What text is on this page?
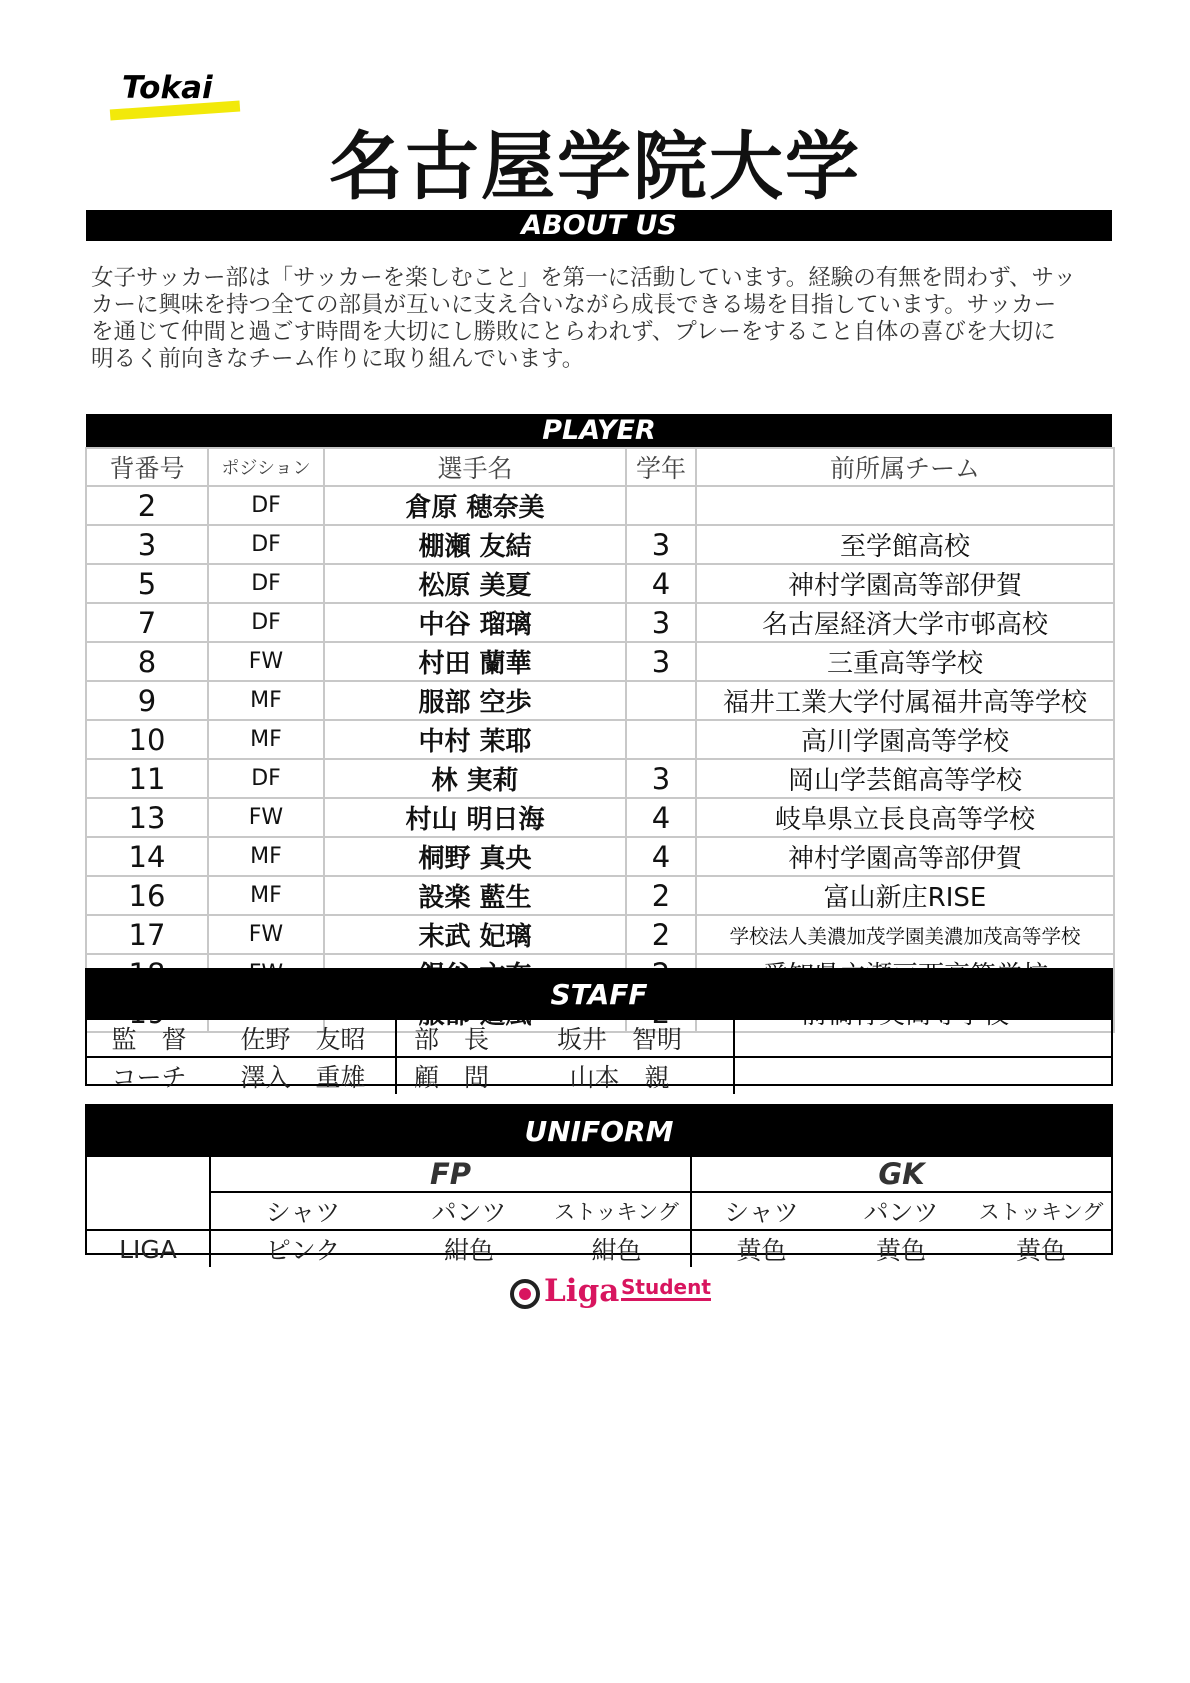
Tokai
名古屋学院大学
ABOUT US
女子サッカー部は「サッカーを楽しむこと」を第一に活動しています。経験の有無を問わず、サッ
カーに興味を持つ全ての部員が互いに支え合いながら成長できる場を目指しています。サッカー
を通じて仲間と過ごす時間を大切にし勝敗にとらわれず、プレーをすること自体の喜びを大切に
明るく前向きなチーム作りに取り組んでいます。
PLAYER
背番号	ポジション	選手名	学年	前所属チーム
2	DF	倉原 穂奈美		
3	DF	棚瀬 友結	3	至学館高校
5	DF	松原 美夏	4	神村学園高等部伊賀
7	DF	中谷 瑠璃	3	名古屋経済大学市邨高校
8	FW	村田 蘭華	3	三重高等学校
9	MF	服部 空歩		福井工業大学付属福井高等学校
10	MF	中村 茉耶		高川学園高等学校
11	DF	林 実莉	3	岡山学芸館高等学校
13	FW	村山 明日海	4	岐阜県立長良高等学校
14	MF	桐野 真央	4	神村学園高等部伊賀
16	MF	設楽 藍生	2	富山新庄RISE
17	FW	末武 妃璃	2	学校法人美濃加茂学園美濃加茂高等学校

STAFF
監　督	佐野　友昭	部　長	坂井　智明	
コーチ	澤入　重雄	顧　問	山本　親	
UNIFORM
	FP			GK		
	シャツ	パンツ	ストッキング	シャツ	パンツ	ストッキング
LIGA	ピンク	紺色	紺色	黄色	黄色	黄色
Liga Student
